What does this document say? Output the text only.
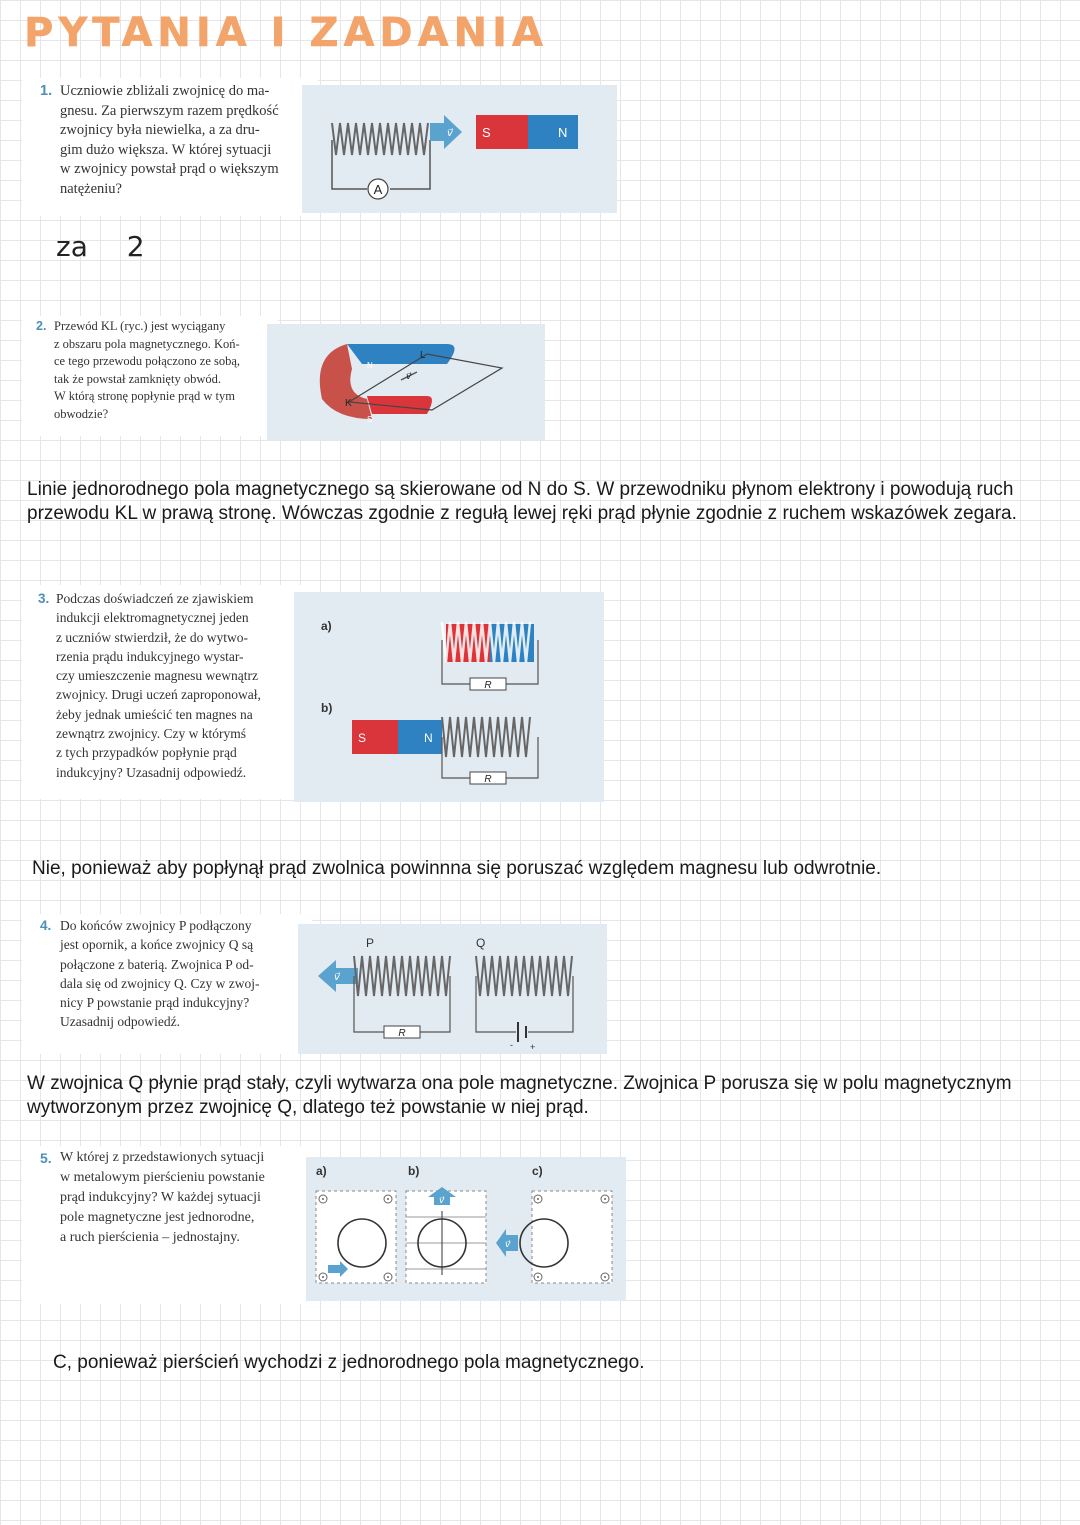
PYTANIA I ZADANIA
1. Uczniowie zbliżali zwojnicę do ma-
gnesu. Za pierwszym razem prędkość
zwojnicy była niewielka, a za dru-
gim dużo większa. W której sytuacji
w zwojnicy powstał prąd o większym
natężeniu?	A
v⃗ S	N
za 2
2. Przewód KL (ryc.) jest wyciągany
z obszaru pola magnetycznego. Koń-
ce tego przewodu połączono ze sobą,
tak że powstał zamknięty obwód.
W którą stronę popłynie prąd w tym
obwodzie?

K
L
N
S
v⃗
Linie jednorodnego pola magnetycznego są skierowane od N do S. W przewodniku płynom elektrony i powodują ruch przewodu KL w prawą stronę. Wówczas zgodnie z regułą lewej ręki prąd płynie zgodnie z ruchem wskazówek zegara.
3. Podczas doświadczeń ze zjawiskiem
indukcji elektromagnetycznej jeden
z uczniów stwierdził, że do wytwo-
rzenia prądu indukcyjnego wystar-
czy umieszczenie magnesu wewnątrz
zwojnicy. Drugi uczeń zaproponował,
żeby jednak umieścić ten magnes na
zewnątrz zwojnicy. Czy w którymś
z tych przypadków popłynie prąd
indukcyjny? Uzasadnij odpowiedź.

a)
b)
R
S	N
R
Nie, ponieważ aby popłynął prąd zwolnica powinnna się poruszać względem magnesu lub odwrotnie.
4. Do końców zwojnicy P podłączony
jest opornik, a końce zwojnicy Q są
połączone z baterią. Zwojnica P od-
dala się od zwojnicy Q. Czy w zwoj-
nicy P powstanie prąd indukcyjny?
Uzasadnij odpowiedź.

P	Q
v⃗
R
- +
W zwojnica Q płynie prąd stały, czyli wytwarza ona pole magnetyczne. Zwojnica P porusza się w polu magnetycznym wytworzonym przez zwojnicę Q, dlatego też powstanie w niej prąd.
5. W której z przedstawionych sytuacji
w metalowym pierścieniu powstanie
prąd indukcyjny? W każdej sytuacji
pole magnetyczne jest jednorodne,
a ruch pierścienia – jednostajny.

a)	b)	c)
v⃗
v⃗
C, ponieważ pierścień wychodzi z jednorodnego pola magnetycznego.
